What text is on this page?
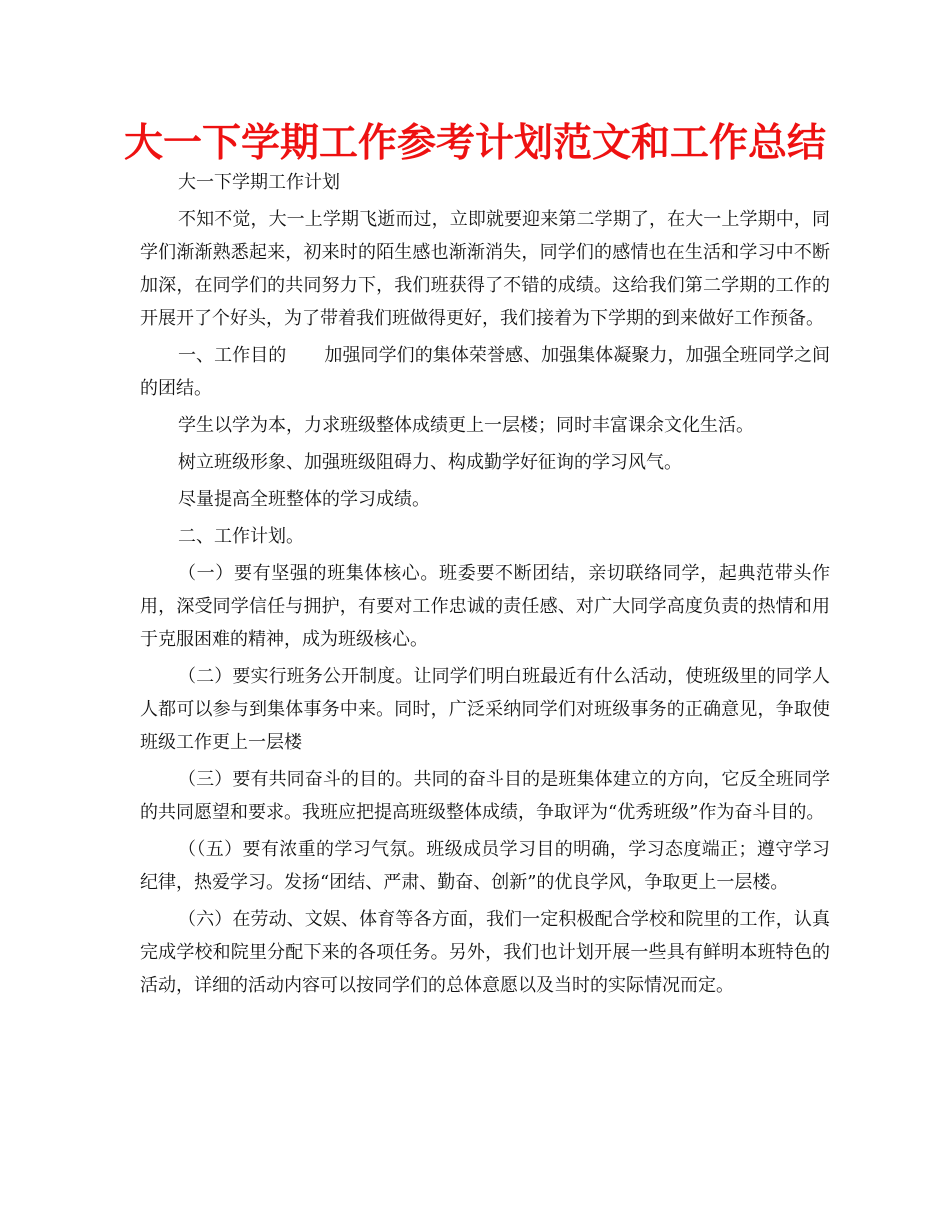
大一下学期工作参考计划范文和工作总结

大一下学期工作计划

不知不觉，大一上学期飞逝而过，立即就要迎来第二学期了，在大一上学期中，同学们渐渐熟悉起来，初来时的陌生感也渐渐消失，同学们的感情也在生活和学习中不断加深，在同学们的共同努力下，我们班获得了不错的成绩。这给我们第二学期的工作的开展开了个好头，为了带着我们班做得更好，我们接着为下学期的到来做好工作预备。

一、工作目的 加强同学们的集体荣誉感、加强集体凝聚力，加强全班同学之间的团结。

学生以学为本，力求班级整体成绩更上一层楼；同时丰富课余文化生活。

树立班级形象、加强班级阻碍力、构成勤学好征询的学习风气。

尽量提高全班整体的学习成绩。

二、工作计划。

（一）要有坚强的班集体核心。班委要不断团结，亲切联络同学，起典范带头作用，深受同学信任与拥护，有要对工作忠诚的责任感、对广大同学高度负责的热情和用于克服困难的精神，成为班级核心。

（二）要实行班务公开制度。让同学们明白班最近有什么活动，使班级里的同学人人都可以参与到集体事务中来。同时，广泛采纳同学们对班级事务的正确意见，争取使班级工作更上一层楼

（三）要有共同奋斗的目的。共同的奋斗目的是班集体建立的方向，它反全班同学的共同愿望和要求。我班应把提高班级整体成绩，争取评为“优秀班级”作为奋斗目的。

（（五）要有浓重的学习气氛。班级成员学习目的明确，学习态度端正；遵守学习纪律，热爱学习。发扬“团结、严肃、勤奋、创新”的优良学风，争取更上一层楼。

（六）在劳动、文娱、体育等各方面，我们一定积极配合学校和院里的工作，认真完成学校和院里分配下来的各项任务。另外，我们也计划开展一些具有鲜明本班特色的活动，详细的活动内容可以按同学们的总体意愿以及当时的实际情况而定。
